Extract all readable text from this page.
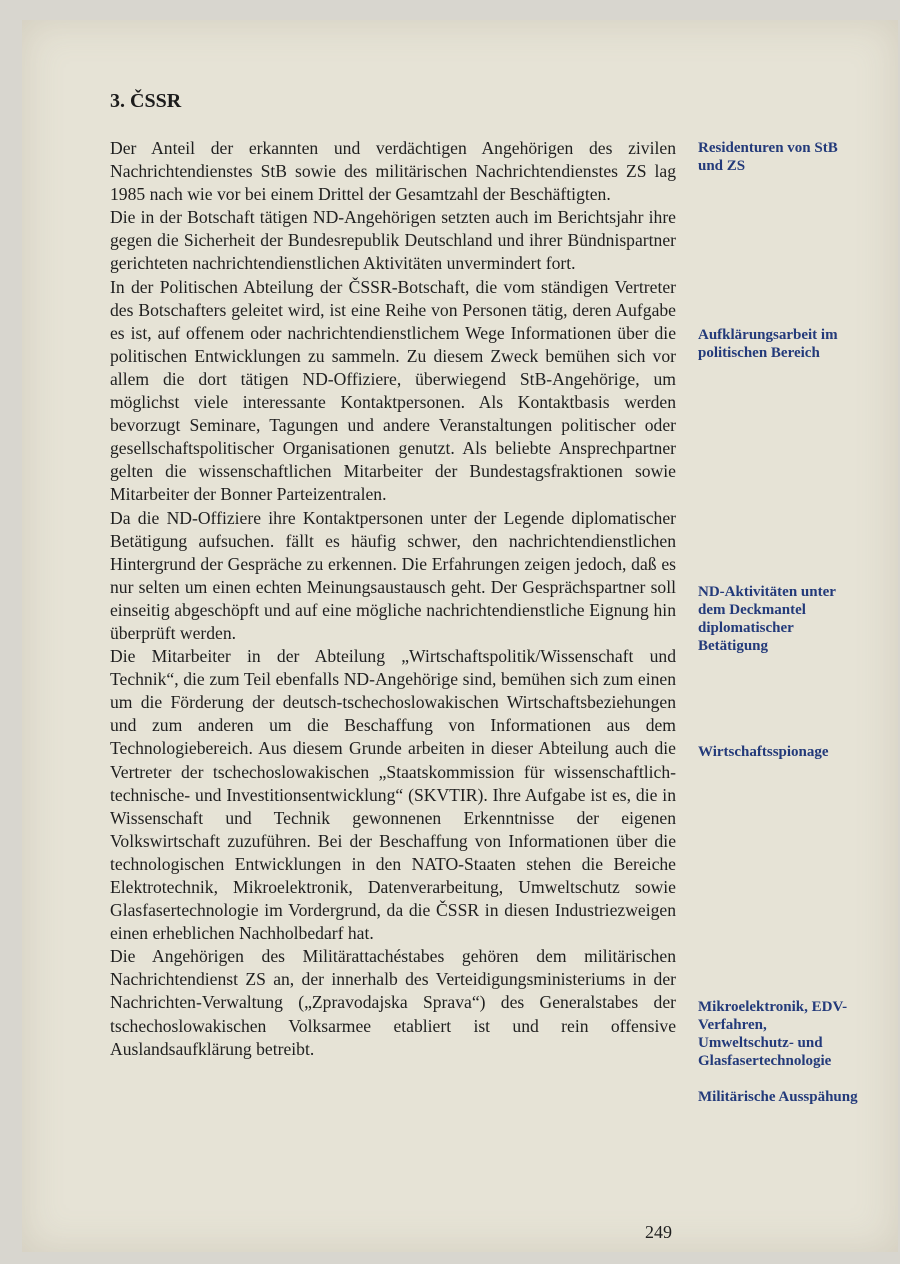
3. ČSSR

Der Anteil der erkannten und verdächtigen Angehörigen des zivilen Nachrichtendienstes StB sowie des militärischen Nachrichtendienstes ZS lag 1985 nach wie vor bei einem Drittel der Gesamtzahl der Beschäftigten.

Die in der Botschaft tätigen ND-Angehörigen setzten auch im Berichtsjahr ihre gegen die Sicherheit der Bundesrepublik Deutschland und ihrer Bündnispartner gerichteten nachrichtendienstlichen Aktivitäten unvermindert fort.

In der Politischen Abteilung der ČSSR-Botschaft, die vom ständigen Vertreter des Botschafters geleitet wird, ist eine Reihe von Personen tätig, deren Aufgabe es ist, auf offenem oder nachrichtendienstlichem Wege Informationen über die politischen Entwicklungen zu sammeln. Zu diesem Zweck bemühen sich vor allem die dort tätigen ND-Offiziere, überwiegend StB-Angehörige, um möglichst viele interessante Kontaktpersonen. Als Kontaktbasis werden bevorzugt Seminare, Tagungen und andere Veranstaltungen politischer oder gesellschaftspolitischer Organisationen genutzt. Als beliebte Ansprechpartner gelten die wissenschaftlichen Mitarbeiter der Bundestagsfraktionen sowie Mitarbeiter der Bonner Parteizentralen.

Da die ND-Offiziere ihre Kontaktpersonen unter der Legende diplomatischer Betätigung aufsuchen. fällt es häufig schwer, den nachrichtendienstlichen Hintergrund der Gespräche zu erkennen. Die Erfahrungen zeigen jedoch, daß es nur selten um einen echten Meinungsaustausch geht. Der Gesprächspartner soll einseitig abgeschöpft und auf eine mögliche nachrichtendienstliche Eignung hin überprüft werden.

Die Mitarbeiter in der Abteilung „Wirtschaftspolitik/Wissenschaft und Technik“, die zum Teil ebenfalls ND-Angehörige sind, bemühen sich zum einen um die Förderung der deutsch-tschechoslowakischen Wirtschaftsbeziehungen und zum anderen um die Beschaffung von Informationen aus dem Technologiebereich. Aus diesem Grunde arbeiten in dieser Abteilung auch die Vertreter der tschechoslowakischen „Staatskommission für wissenschaftlich-technische- und Investitionsentwicklung“ (SKVTIR). Ihre Aufgabe ist es, die in Wissenschaft und Technik gewonnenen Erkenntnisse der eigenen Volkswirtschaft zuzuführen. Bei der Beschaffung von Informationen über die technologischen Entwicklungen in den NATO-Staaten stehen die Bereiche Elektrotechnik, Mikroelektronik, Datenverarbeitung, Umweltschutz sowie Glasfasertechnologie im Vordergrund, da die ČSSR in diesen Industriezweigen einen erheblichen Nachholbedarf hat.

Die Angehörigen des Militärattachéstabes gehören dem militärischen Nachrichtendienst ZS an, der innerhalb des Verteidigungsministeriums in der Nachrichten-Verwaltung („Zpravodajska Sprava“) des Generalstabes der tschechoslowakischen Volksarmee etabliert ist und rein offensive Auslandsaufklärung betreibt.

Residenturen von StB und ZS
Aufklärungsarbeit im politischen Bereich
ND-Aktivitäten unter dem Deckmantel diplomatischer Betätigung
Wirtschaftsspionage
Mikroelektronik, EDV-Verfahren, Umweltschutz- und Glasfasertechnologie
Militärische Ausspähung
249
